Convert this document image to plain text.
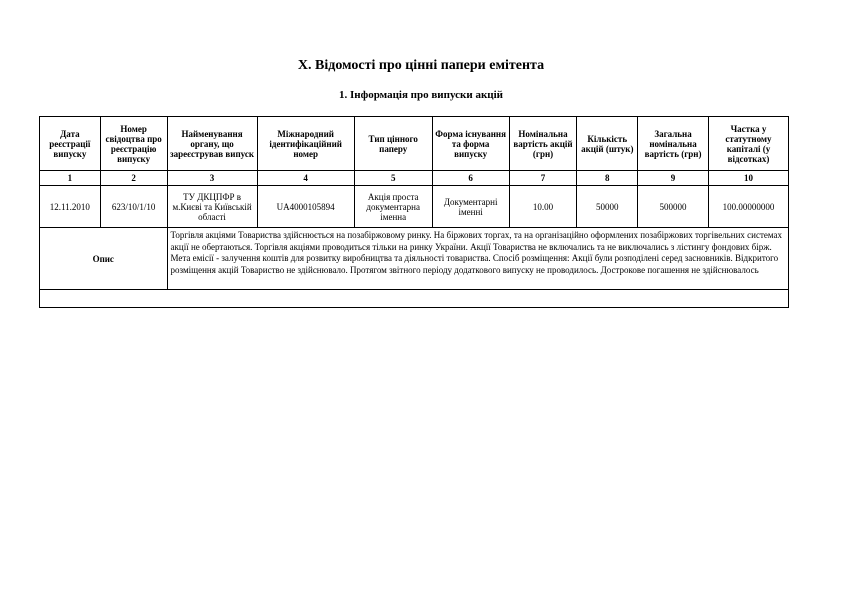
X. Відомості про цінні папери емітента
1. Інформація про випуски акцій
Дата реєстрації випуску	Номер свідоцтва про реєстрацію випуску	Найменування органу, що зареєстрував випуск	Міжнародний ідентифікаційний номер	Тип цінного паперу	Форма існування та форма випуску	Номінальна вартість акцій (грн)	Кількість акцій (штук)	Загальна номінальна вартість (грн)	Частка у статутному капіталі (у відсотках)
1	2	3	4	5	6	7	8	9	10
12.11.2010	623/10/1/10	ТУ ДКЦПФР в м.Києві та Київській області	UA4000105894	Акція проста документарна іменна	Документарні іменні	10.00	50000	500000	100.00000000
Опис		Торгівля акціями Товариства здійснюється на позабіржовому ринку. На біржових торгах, та на організаційно оформлених позабіржових торгівельних системах акції не обертаються. Торгівля акціями проводиться тільки на ринку України. Акції Товариства не включались та не виключались з лістингу фондових бірж. Мета емісії - залучення коштів для розвитку виробництва та діяльності товариства. Спосіб розміщення: Акції були розподілені серед засновників. Відкритого розміщення акцій Товариство не здійснювало. Протягом звітного періоду додаткового випуску не проводилось. Дострокове погашення не здійснювалось							
